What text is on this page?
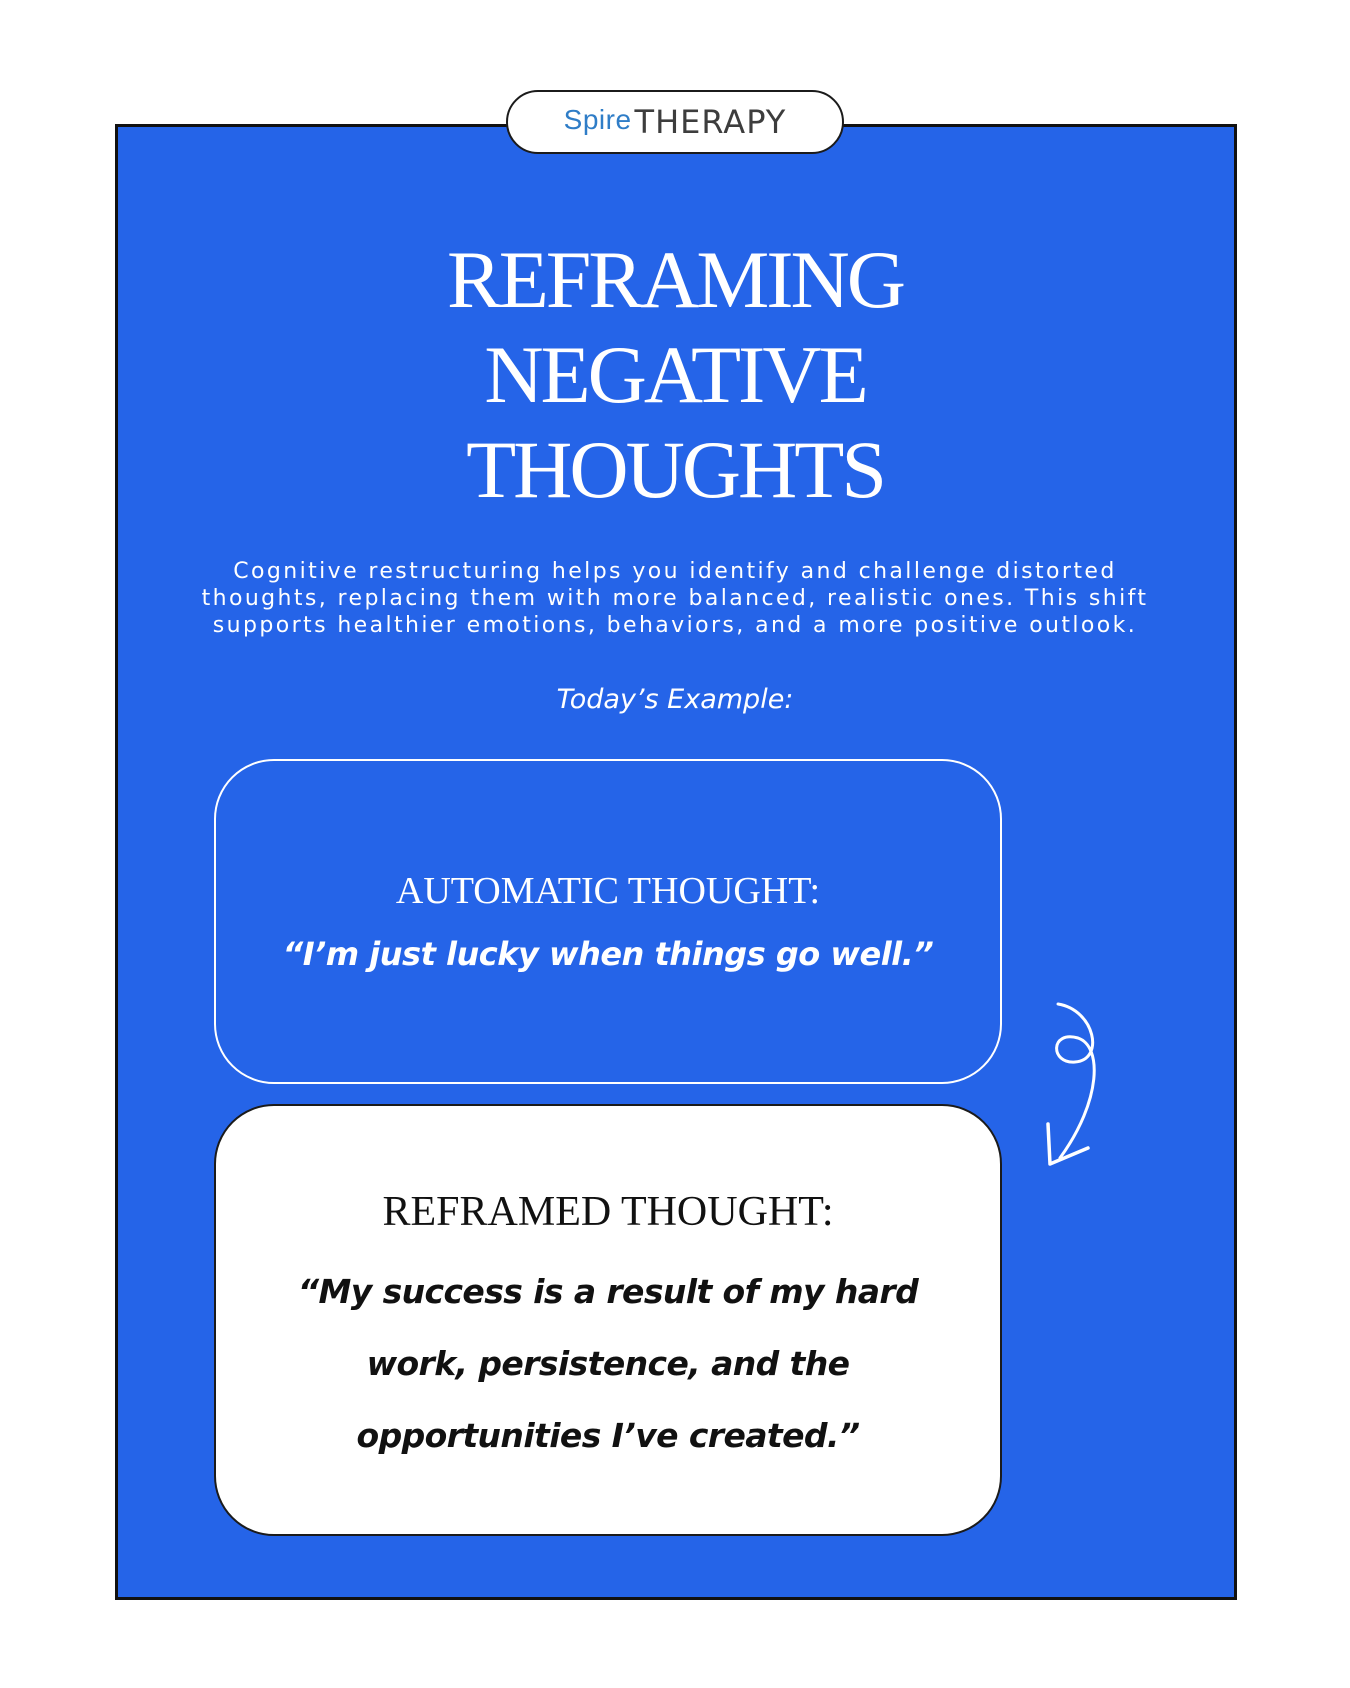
Spire THERAPY
REFRAMING
NEGATIVE
THOUGHTS

Cognitive restructuring helps you identify and challenge distorted thoughts, replacing them with more balanced, realistic ones. This shift supports healthier emotions, behaviors, and a more positive outlook.

Today’s Example:

AUTOMATIC THOUGHT:

“I’m just lucky when things go well.”

REFRAMED THOUGHT:

“My success is a result of my hard work, persistence, and the opportunities I’ve created.”
